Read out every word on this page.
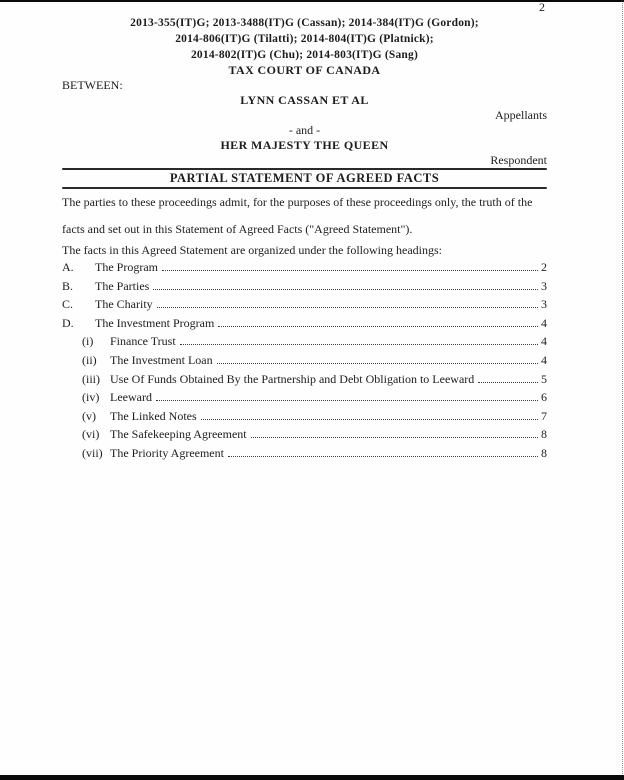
2
2013-355(IT)G; 2013-3488(IT)G (Cassan); 2014-384(IT)G (Gordon);
2014-806(IT)G (Tilatti); 2014-804(IT)G (Platnick);
2014-802(IT)G (Chu); 2014-803(IT)G (Sang)
TAX COURT OF CANADA
BETWEEN:
LYNN CASSAN ET AL
Appellants
- and -
HER MAJESTY THE QUEEN
Respondent
PARTIAL STATEMENT OF AGREED FACTS
The parties to these proceedings admit, for the purposes of these proceedings only, the truth of the facts and set out in this Statement of Agreed Facts ("Agreed Statement").
The facts in this Agreed Statement are organized under the following headings:
A.	The Program	2
B.	The Parties	3
C.	The Charity	3
D.	The Investment Program	4
(i)	Finance Trust	4
(ii)	The Investment Loan	4
(iii) Use Of Funds Obtained By the Partnership and Debt Obligation to Leeward	5
(iv) Leeward	6
(v)	The Linked Notes	7
(vi) The Safekeeping Agreement	8
(vii) The Priority Agreement	8
